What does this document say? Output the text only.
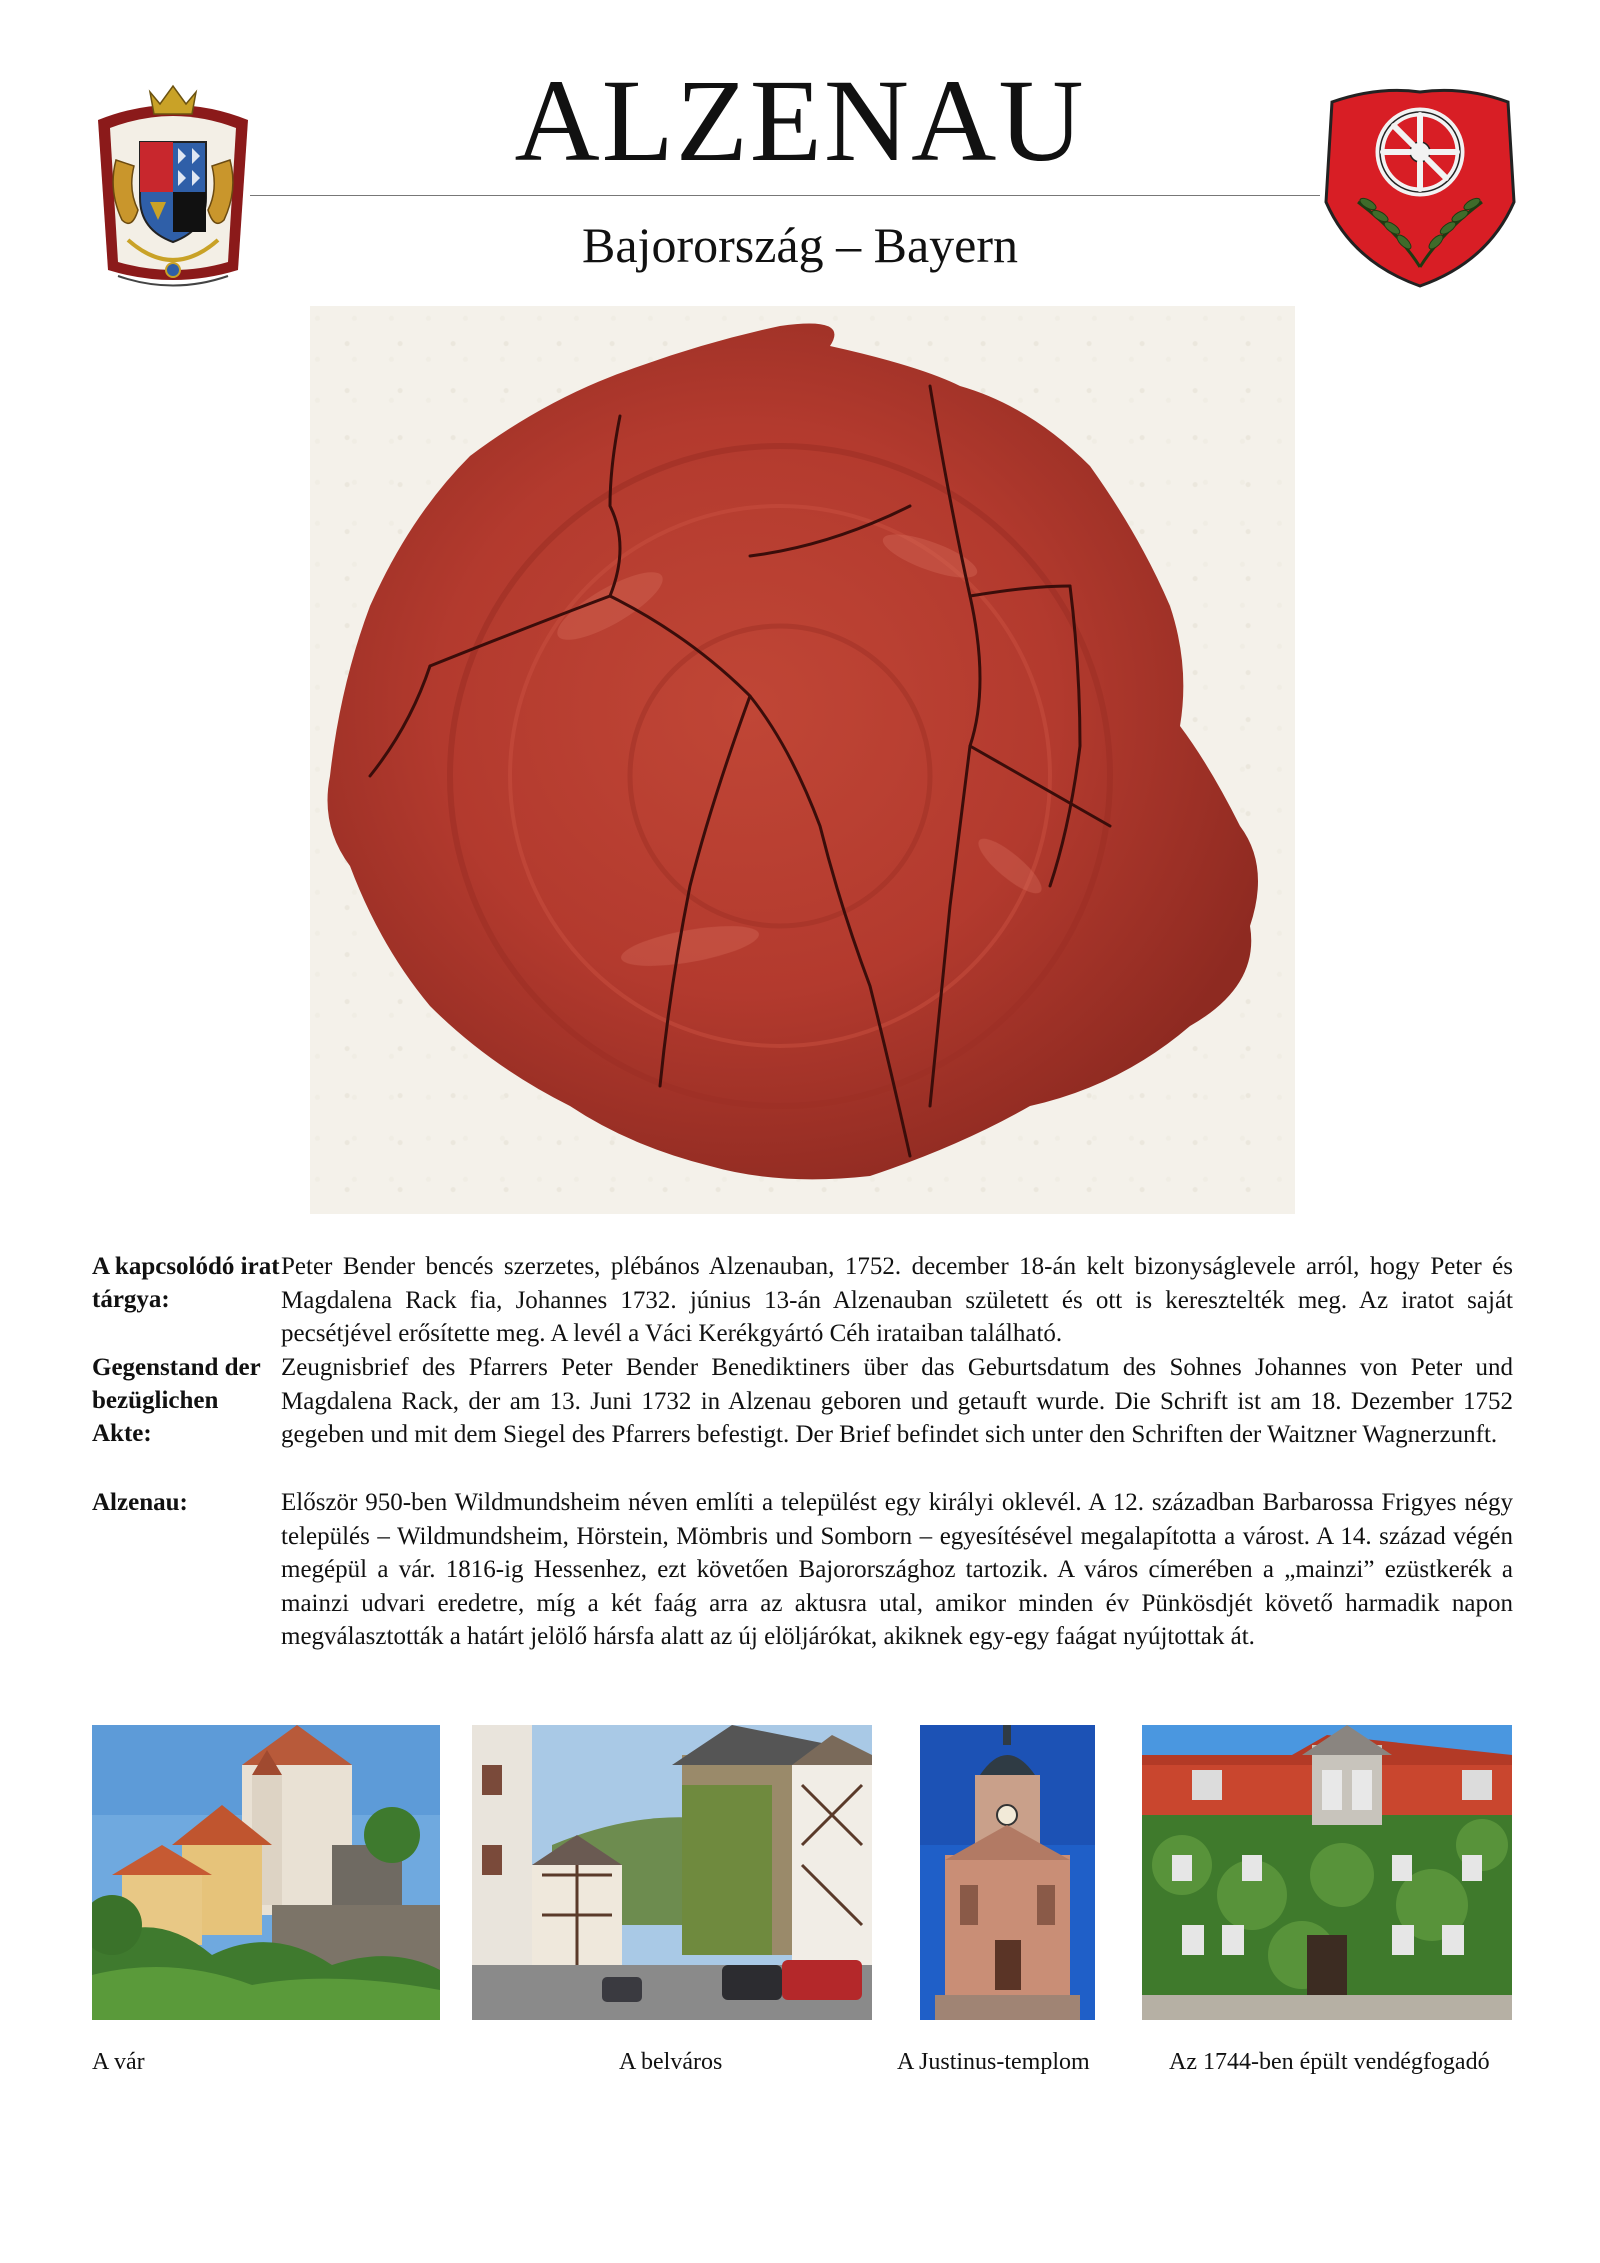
ALZENAU
Bajorország – Bayern
A kapcsolódó irat tárgya:
Peter Bender bencés szerzetes, plébános Alzenauban, 1752. december 18-án kelt bizonyságlevele arról, hogy Peter és Magdalena Rack fia, Johannes 1732. június 13-án Alzenauban született és ott is keresztelték meg. Az iratot saját pecsétjével erősítette meg. A levél a Váci Kerékgyártó Céh irataiban található.
Gegenstand der bezüglichen Akte:
Zeugnisbrief des Pfarrers Peter Bender Benediktiners über das Geburtsdatum des Sohnes Johannes von Peter und Magdalena Rack, der am 13. Juni 1732 in Alzenau geboren und getauft wurde. Die Schrift ist am 18. Dezember 1752 gegeben und mit dem Siegel des Pfarrers befestigt. Der Brief befindet sich unter den Schriften der Waitzner Wagnerzunft.
Alzenau:	Először 950-ben Wildmundsheim néven említi a települést egy királyi oklevél. A 12. században Barbarossa Frigyes négy település – Wildmundsheim, Hörstein, Mömbris und Somborn – egyesítésével megalapította a várost. A 14. század végén megépül a vár. 1816-ig Hessenhez, ezt követően Bajorországhoz tartozik. A város címerében a „mainzi” ezüstkerék a mainzi udvari eredetre, míg a két faág arra az aktusra utal, amikor minden év Pünkösdjét követő harmadik napon megválasztották a határt jelölő hársfa alatt az új elöljárókat, akiknek egy-egy faágat nyújtottak át.
A vár	A belváros	A Justinus-templom	Az 1744-ben épült vendégfogadó
